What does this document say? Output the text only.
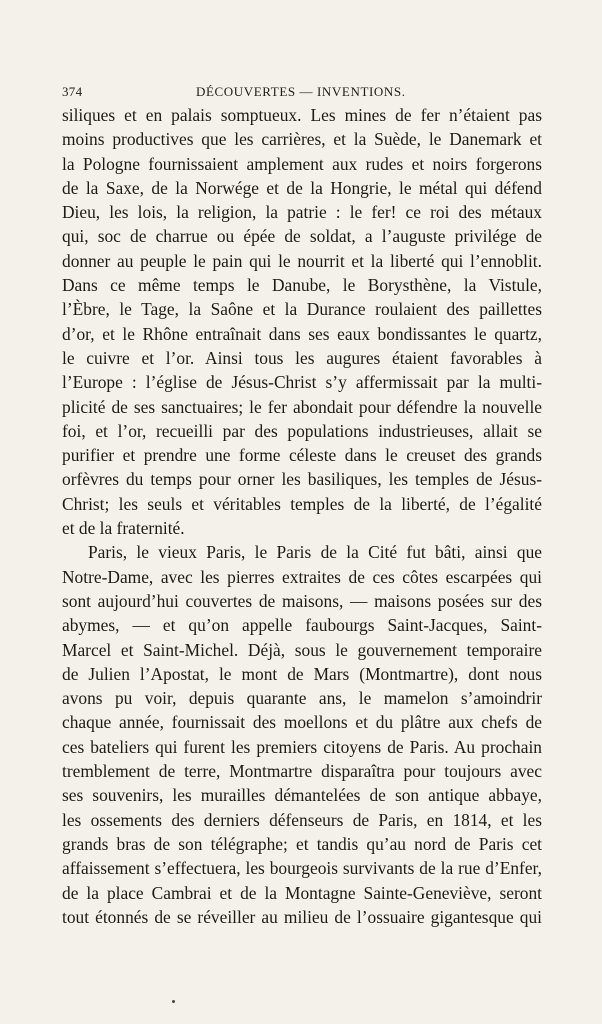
374	DÉCOUVERTES — INVENTIONS.
siliques et en palais somptueux. Les mines de fer n’étaient pas
moins productives que les carrières, et la Suède, le Danemark et
la Pologne fournissaient amplement aux rudes et noirs forgerons
de la Saxe, de la Norwége et de la Hongrie, le métal qui défend
Dieu, les lois, la religion, la patrie : le fer! ce roi des métaux
qui, soc de charrue ou épée de soldat, a l’auguste privilége de
donner au peuple le pain qui le nourrit et la liberté qui l’ennoblit.
Dans ce même temps le Danube, le Borysthène, la Vistule,
l’Èbre, le Tage, la Saône et la Durance roulaient des paillettes
d’or, et le Rhône entraînait dans ses eaux bondissantes le quartz,
le cuivre et l’or. Ainsi tous les augures étaient favorables à
l’Europe : l’église de Jésus-Christ s’y affermissait par la multi-
plicité de ses sanctuaires; le fer abondait pour défendre la nouvelle
foi, et l’or, recueilli par des populations industrieuses, allait se
purifier et prendre une forme céleste dans le creuset des grands
orfèvres du temps pour orner les basiliques, les temples de Jésus-
Christ; les seuls et véritables temples de la liberté, de l’égalité
et de la fraternité.
Paris, le vieux Paris, le Paris de la Cité fut bâti, ainsi que
Notre-Dame, avec les pierres extraites de ces côtes escarpées qui
sont aujourd’hui couvertes de maisons, — maisons posées sur des
abymes, — et qu’on appelle faubourgs Saint-Jacques, Saint-
Marcel et Saint-Michel. Déjà, sous le gouvernement temporaire
de Julien l’Apostat, le mont de Mars (Montmartre), dont nous
avons pu voir, depuis quarante ans, le mamelon s’amoindrir
chaque année, fournissait des moellons et du plâtre aux chefs de
ces bateliers qui furent les premiers citoyens de Paris. Au prochain
tremblement de terre, Montmartre disparaîtra pour toujours avec
ses souvenirs, les murailles démantelées de son antique abbaye,
les ossements des derniers défenseurs de Paris, en 1814, et les
grands bras de son télégraphe; et tandis qu’au nord de Paris cet
affaissement s’effectuera, les bourgeois survivants de la rue d’Enfer,
de la place Cambrai et de la Montagne Sainte-Geneviève, seront
tout étonnés de se réveiller au milieu de l’ossuaire gigantesque qui
